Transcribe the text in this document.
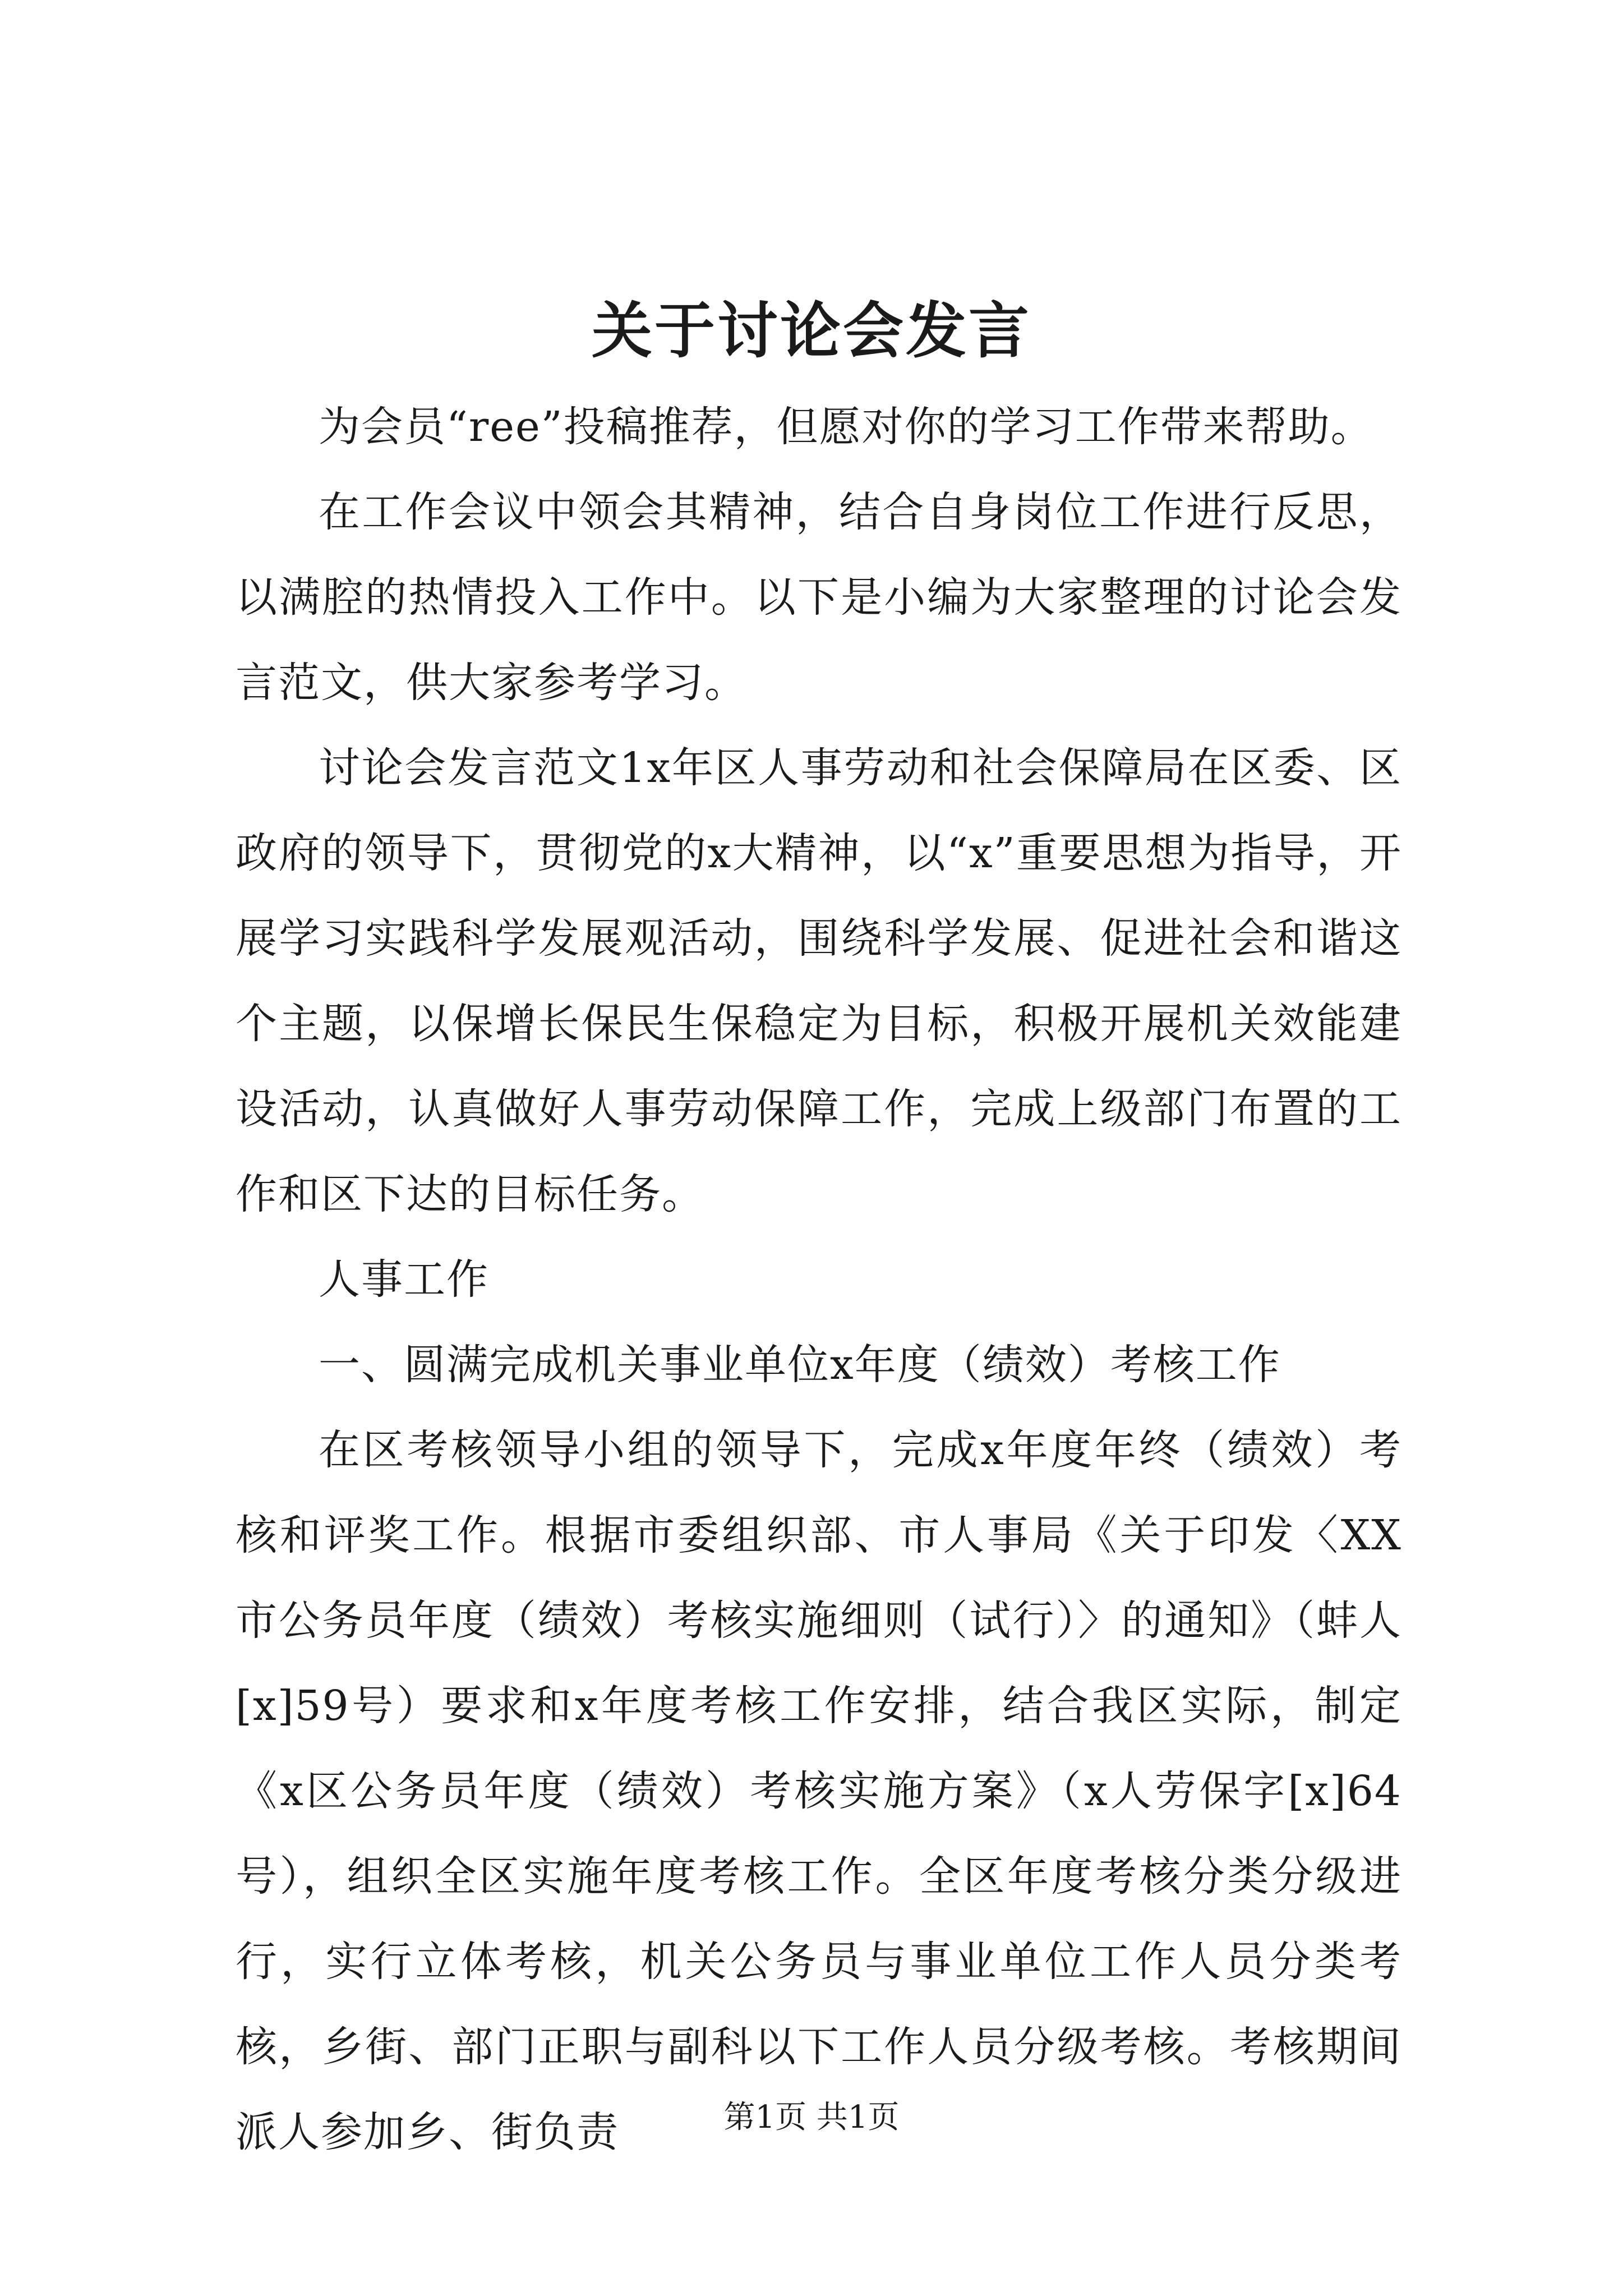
关于讨论会发言

为会员“ree”投稿推荐，但愿对你的学习工作带来帮助。

在工作会议中领会其精神，结合自身岗位工作进行反思，以满腔的热情投入工作中。以下是小编为大家整理的讨论会发言范文，供大家参考学习。

讨论会发言范文1x年区人事劳动和社会保障局在区委、区政府的领导下，贯彻党的x大精神，以“x”重要思想为指导，开展学习实践科学发展观活动，围绕科学发展、促进社会和谐这个主题，以保增长保民生保稳定为目标，积极开展机关效能建设活动，认真做好人事劳动保障工作，完成上级部门布置的工作和区下达的目标任务。

人事工作

一、圆满完成机关事业单位x年度（绩效）考核工作

在区考核领导小组的领导下，完成x年度年终（绩效）考核和评奖工作。根据市委组织部、市人事局《关于印发〈XX市公务员年度（绩效）考核实施细则（试行）〉的通知》（蚌人[x]59号）要求和x年度考核工作安排，结合我区实际，制定《x区公务员年度（绩效）考核实施方案》（x人劳保字[x]64号），组织全区实施年度考核工作。全区年度考核分类分级进行，实行立体考核，机关公务员与事业单位工作人员分类考核，乡街、部门正职与副科以下工作人员分级考核。考核期间派人参加乡、街负责	第1页 共1页
